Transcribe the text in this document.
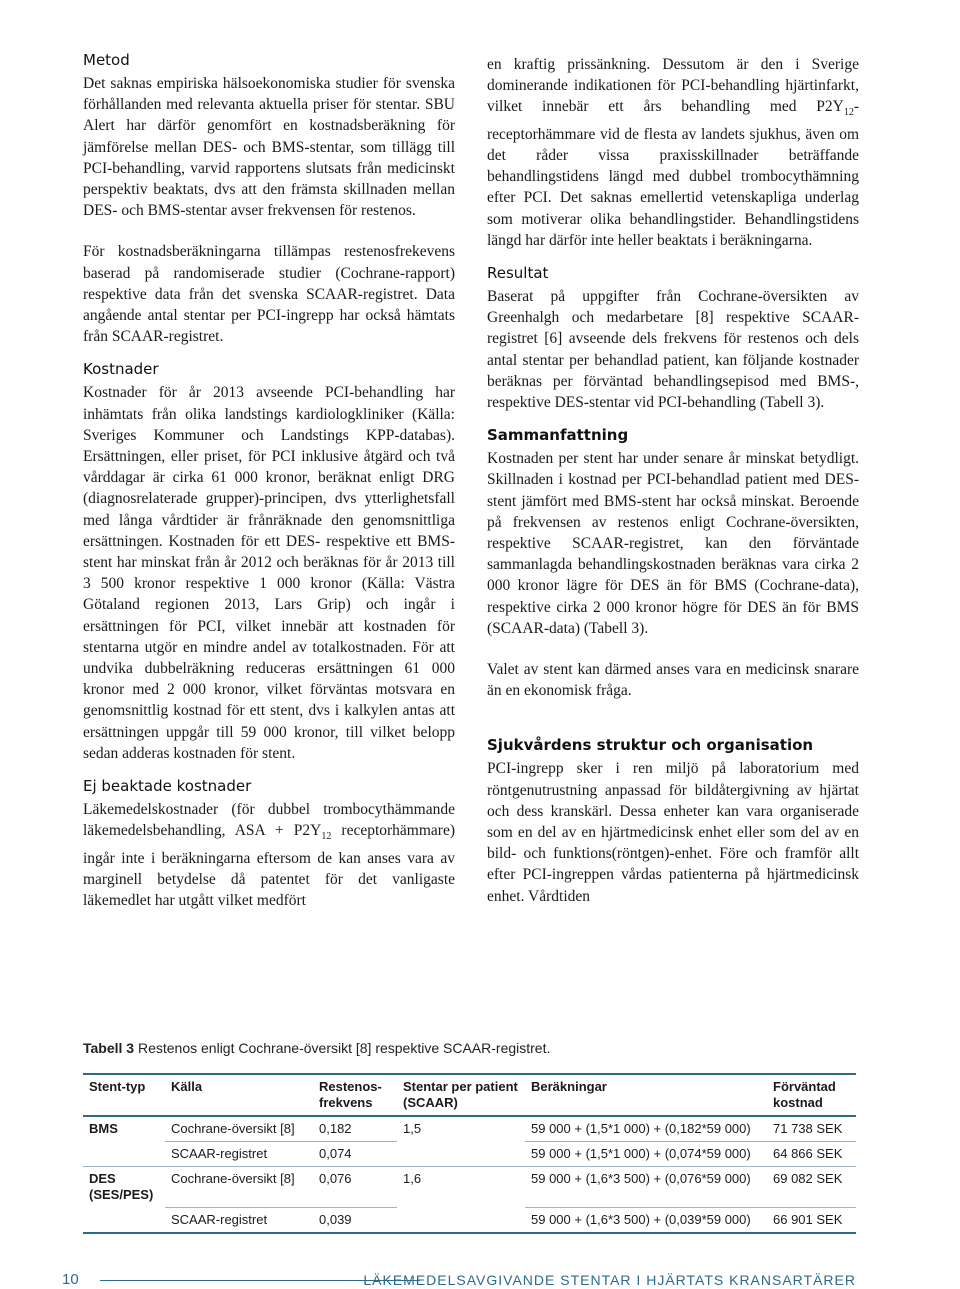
Metod

Det saknas empiriska hälsoekonomiska studier för svenska förhållanden med relevanta aktuella priser för stentar. SBU Alert har därför genomfört en kostnadsberäkning för jämförelse mellan DES- och BMS-stentar, som tillägg till PCI-behandling, varvid rapportens slutsats från medicinskt perspektiv beaktats, dvs att den främsta skillnaden mellan DES- och BMS-stentar avser frekvensen för restenos.

För kostnadsberäkningarna tillämpas restenosfrekevens baserad på randomiserade studier (Cochrane-rapport) respektive data från det svenska SCAAR-registret. Data angående antal stentar per PCI-ingrepp har också hämtats från SCAAR-registret.

Kostnader

Kostnader för år 2013 avseende PCI-behandling har inhämtats från olika landstings kardiologkliniker (Källa: Sveriges Kommuner och Landstings KPP-databas). Ersättningen, eller priset, för PCI inklusive åtgärd och två vårddagar är cirka 61 000 kronor, beräknat enligt DRG (diagnosrelaterade grupper)-principen, dvs ytterlighetsfall med långa vårdtider är frånräknade den genomsnittliga ersättningen. Kostnaden för ett DES- respektive ett BMS-stent har minskat från år 2012 och beräknas för år 2013 till 3 500 kronor respektive 1 000 kronor (Källa: Västra Götaland regionen 2013, Lars Grip) och ingår i ersättningen för PCI, vilket innebär att kostnaden för stentarna utgör en mindre andel av totalkostnaden. För att undvika dubbelräkning reduceras ersättningen 61 000 kronor med 2 000 kronor, vilket förväntas motsvara en genomsnittlig kostnad för ett stent, dvs i kalkylen antas att ersättningen uppgår till 59 000 kronor, till vilket belopp sedan adderas kostnaden för stent.

Ej beaktade kostnader

Läkemedelskostnader (för dubbel trombocythämmande läkemedelsbehandling, ASA + $P2Y_{12}$ receptorhämmare) ingår inte i beräkningarna eftersom de kan anses vara av marginell betydelse då patentet för det vanligaste läkemedlet har utgått vilket medfört

en kraftig prissänkning. Dessutom är den i Sverige dominerande indikationen för PCI-behandling hjärtinfarkt, vilket innebär ett års behandling med $P2Y_{12}$-receptorhämmare vid de flesta av landets sjukhus, även om det råder vissa praxisskillnader beträffande behandlingstidens längd med dubbel trombocythämning efter PCI. Det saknas emellertid vetenskapliga underlag som motiverar olika behandlingstider. Behandlingstidens längd har därför inte heller beaktats i beräkningarna.

Resultat

Baserat på uppgifter från Cochrane-översikten av Greenhalgh och medarbetare [8] respektive SCAAR-registret [6] avseende dels frekvens för restenos och dels antal stentar per behandlad patient, kan följande kostnader beräknas per förväntad behandlingsepisod med BMS-, respektive DES-stentar vid PCI-behandling (Tabell 3).

Sammanfattning

Kostnaden per stent har under senare år minskat betydligt. Skillnaden i kostnad per PCI-behandlad patient med DES-stent jämfört med BMS-stent har också minskat. Beroende på frekvensen av restenos enligt Cochrane-översikten, respektive SCAAR-registret, kan den förväntade sammanlagda behandlingskostnaden beräknas vara cirka 2 000 kronor lägre för DES än för BMS (Cochrane-data), respektive cirka 2 000 kronor högre för DES än för BMS (SCAAR-data) (Tabell 3).

Valet av stent kan därmed anses vara en medicinsk snarare än en ekonomisk fråga.

Sjukvårdens struktur och organisation

PCI-ingrepp sker i ren miljö på laboratorium med röntgenutrustning anpassad för bildåtergivning av hjärtat och dess kranskärl. Dessa enheter kan vara organiserade som en del av en hjärtmedicinsk enhet eller som del av en bild- och funktions(röntgen)-enhet. Före och framför allt efter PCI-ingreppen vårdas patienterna på hjärtmedicinsk enhet. Vårdtiden

Tabell 3 Restenos enligt Cochrane-översikt [8] respektive SCAAR-registret.
Stent-typ	Källa	Restenos-frekvens	Stentar per patient (SCAAR)	Beräkningar	Förväntad kostnad
BMS	Cochrane-översikt [8]	0,182	1,5	59 000 + (1,5*1 000) + (0,182*59 000)	71 738 SEK
	SCAAR-registret	0,074		59 000 + (1,5*1 000) + (0,074*59 000)	64 866 SEK
DES (SES/PES)	Cochrane-översikt [8]	0,076	1,6	59 000 + (1,6*3 500) + (0,076*59 000)	69 082 SEK
	SCAAR-registret	0,039		59 000 + (1,6*3 500) + (0,039*59 000)	66 901 SEK
10	LÄKEMEDELSAVGIVANDE STENTAR I HJÄRTATS KRANSARTÄRER
